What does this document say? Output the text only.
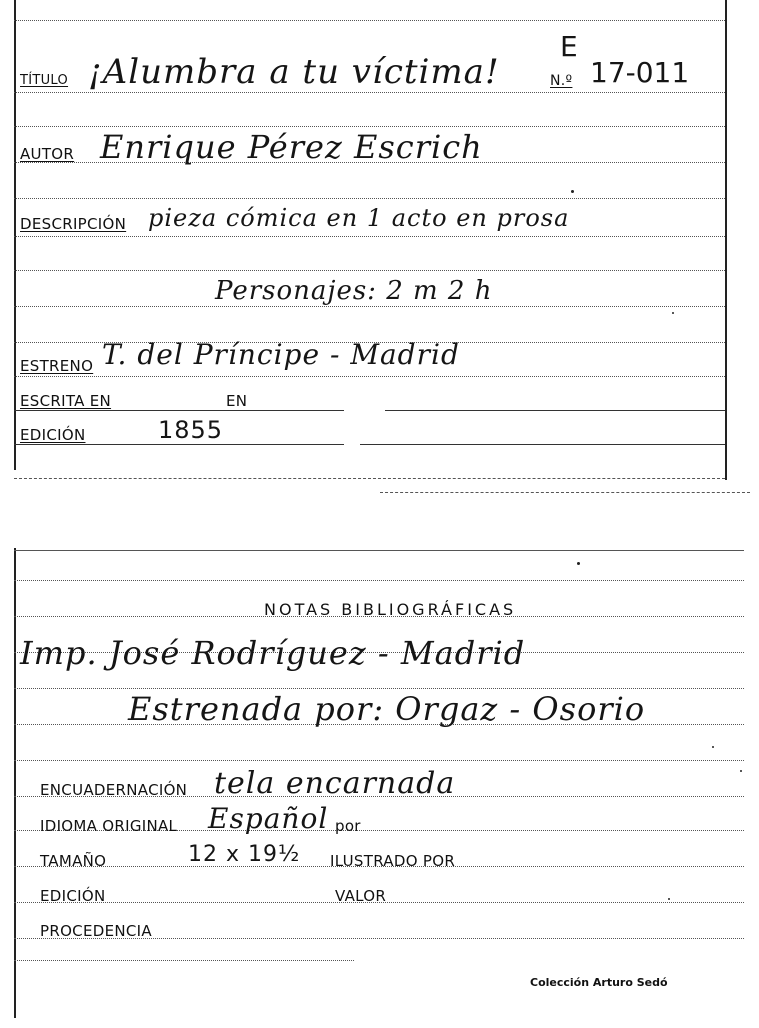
TÍTULO ¡Alumbra a tu víctima!
E
N.º 17-011
AUTOR Enrique Pérez Escrich
DESCRIPCIÓN pieza cómica en 1 acto en prosa
Personajes: 2 m 2 h
ESTRENO T. del Príncipe - Madrid
ESCRITA EN	EN
EDICIÓN	1855
NOTAS BIBLIOGRÁFICAS
Imp. José Rodríguez - Madrid
Estrenada por: Orgaz - Osorio
ENCUADERNACIÓN tela encarnada
IDIOMA ORIGINAL Español por
TAMAÑO	12 x 19½ ILUSTRADO POR
EDICIÓN	VALOR
PROCEDENCIA
Colección Arturo Sedó
